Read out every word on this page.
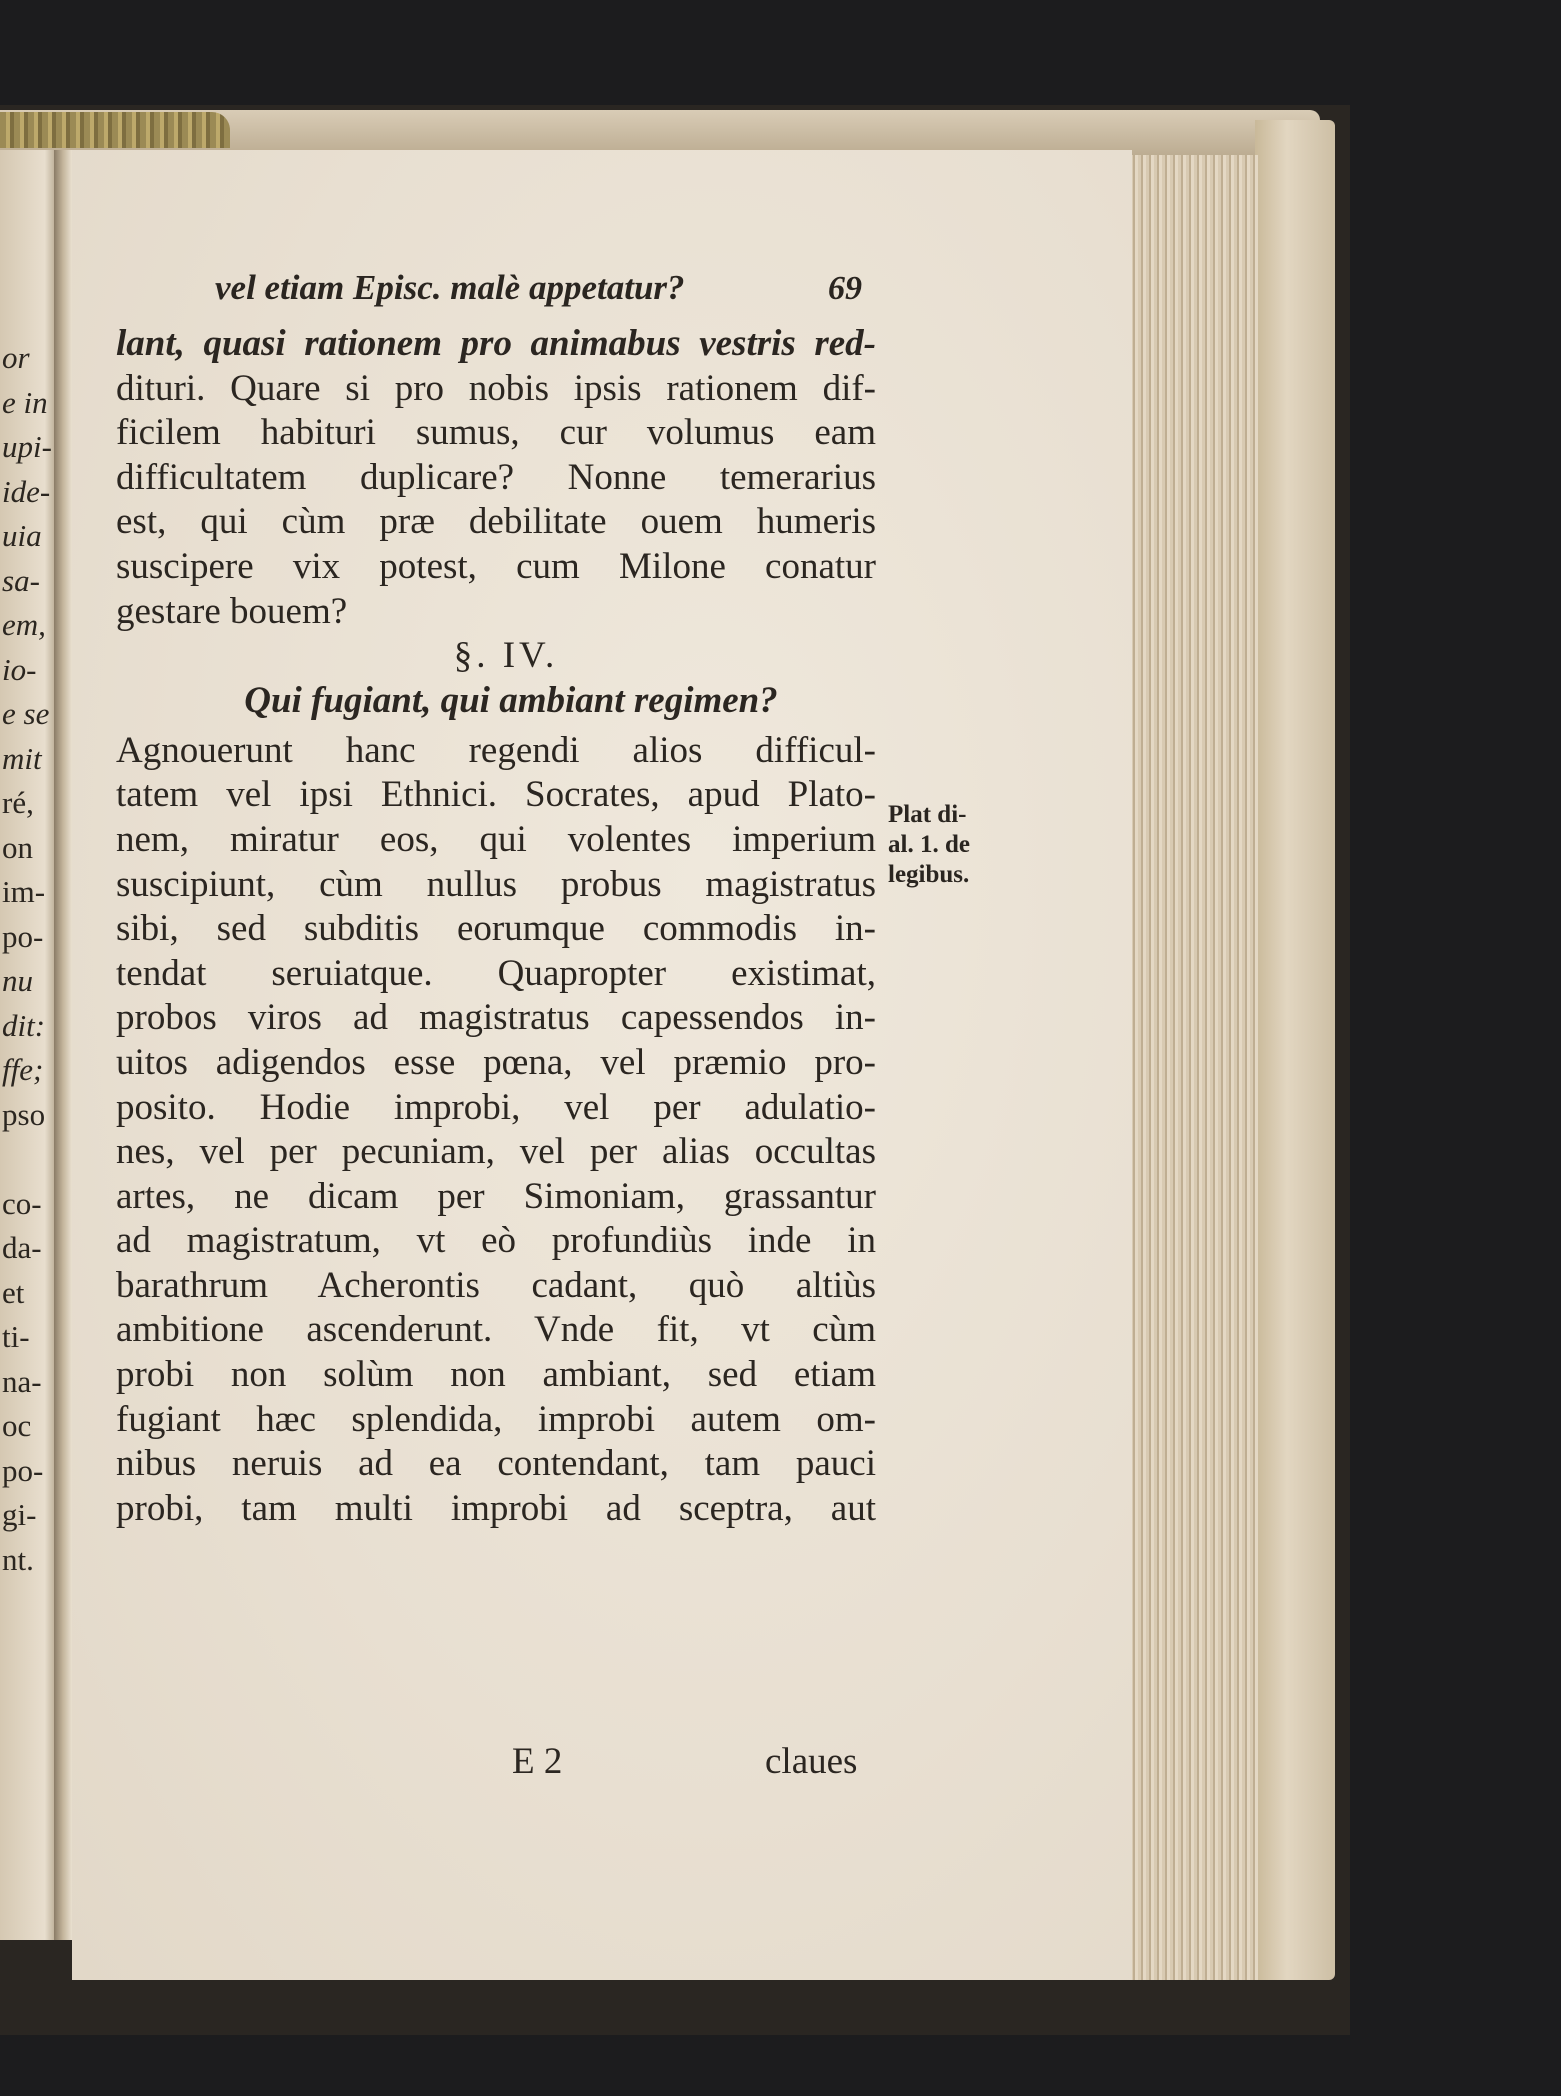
or
e in
upi-
ide-
uia
sa-
em,
io-
e se
mit
ré,
on
im-
po-
nu
dit:
ffe;
pso
co-
da-
et
ti-
na-
oc
po-
gi-
nt.
vel etiam Episc. malè appetatur?	69
lant, quasi rationem pro animabus vestris red-
dituri. Quare si pro nobis ipsis rationem dif-
ficilem habituri sumus, cur volumus eam
difficultatem duplicare? Nonne temerarius
est, qui cùm præ debilitate ouem humeris
suscipere vix potest, cum Milone conatur
gestare bouem?
§. IV.
Qui fugiant, qui ambiant regimen?
Agnouerunt hanc regendi alios difficul-
tatem vel ipsi Ethnici. Socrates, apud Plato-
nem, miratur eos, qui volentes imperium
suscipiunt, cùm nullus probus magistratus
sibi, sed subditis eorumque commodis in-
tendat seruiatque. Quapropter existimat,
probos viros ad magistratus capessendos in-
uitos adigendos esse pœna, vel præmio pro-
posito. Hodie improbi, vel per adulatio-
nes, vel per pecuniam, vel per alias occultas
artes, ne dicam per Simoniam, grassantur
ad magistratum, vt eò profundiùs inde in
barathrum Acherontis cadant, quò altiùs
ambitione ascenderunt. Vnde fit, vt cùm
probi non solùm non ambiant, sed etiam
fugiant hæc splendida, improbi autem om-
nibus neruis ad ea contendant, tam pauci
probi, tam multi improbi ad sceptra, aut
Plat di-
al. 1. de
legibus.
E 2	claues
